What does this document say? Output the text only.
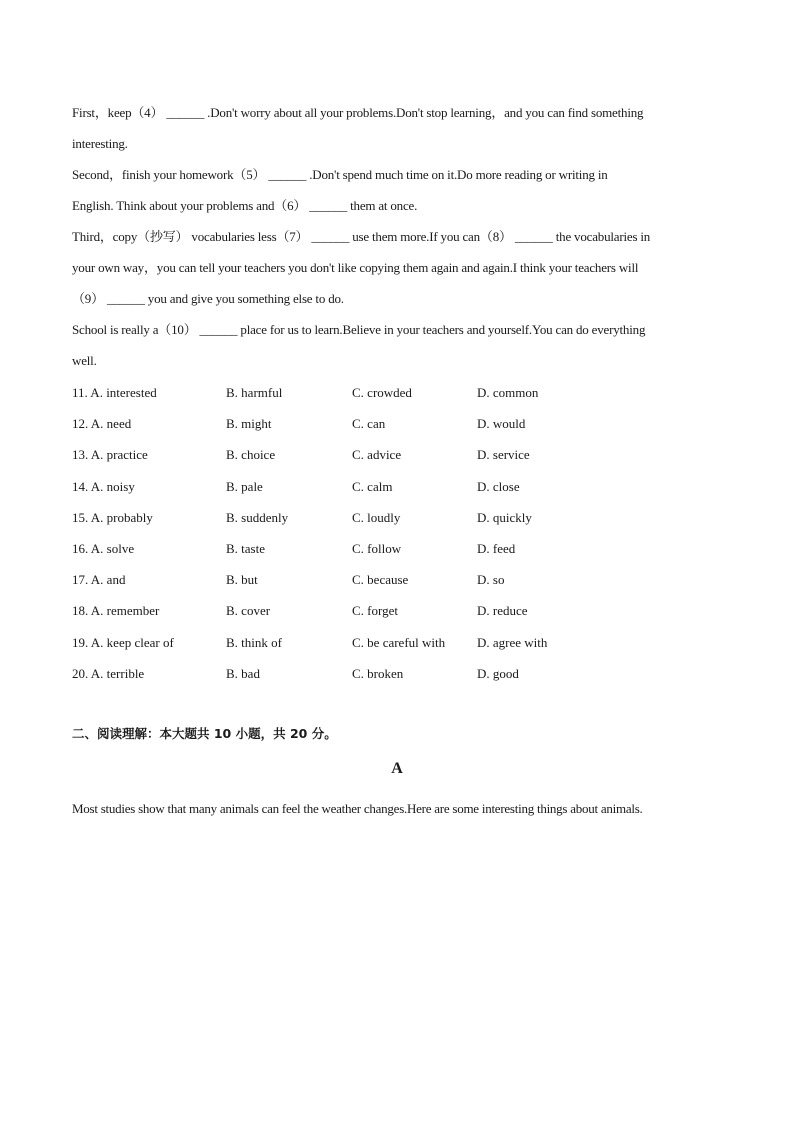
First，keep（4） ______ .Don't worry about all your problems.Don't stop learning，and you can find something
interesting.
Second，finish your homework（5） ______ .Don't spend much time on it.Do more reading or writing in
English. Think about your problems and（6） ______ them at once.
Third，copy（抄写） vocabularies less（7） ______ use them more.If you can（8） ______ the vocabularies in
your own way，you can tell your teachers you don't like copying them again and again.I think your teachers will
（9） ______ you and give you something else to do.
School is really a（10） ______ place for us to learn.Believe in your teachers and yourself.You can do everything
well.
11. A. interested	B. harmful	C. crowded	D. common
12. A. need	B. might	C. can	D. would
13. A. practice	B. choice	C. advice	D. service
14. A. noisy	B. pale	C. calm	D. close
15. A. probably	B. suddenly	C. loudly	D. quickly
16. A. solve	B. taste	C. follow	D. feed
17. A. and	B. but	C. because	D. so
18. A. remember	B. cover	C. forget	D. reduce
19. A. keep clear of	B. think of	C. be careful with D. agree with
20. A. terrible	B. bad	C. broken	D. good
二、阅读理解：本大题共 10 小题，共 20 分。
A
Most studies show that many animals can feel the weather changes.Here are some interesting things about animals.
